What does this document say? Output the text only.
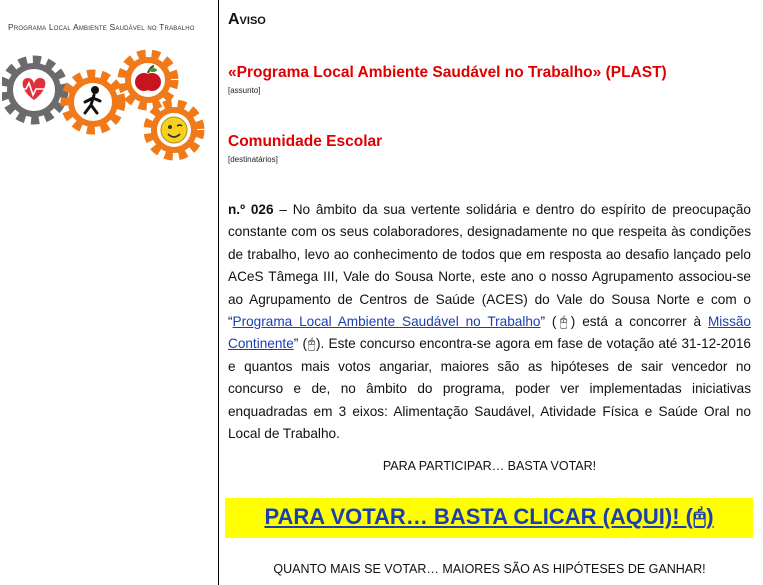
Programa Local Ambiente Saudável no Trabalho Aviso
«Programa Local Ambiente Saudável no Trabalho» (PLAST)
[assunto]
Comunidade Escolar
[destinatários]
n.º 026 – No âmbito da sua vertente solidária e dentro do espírito de preocupação constante com os seus colaboradores, designadamente no que respeita às condições de trabalho, levo ao conhecimento de todos que em resposta ao desafio lançado pelo ACeS Tâmega III, Vale do Sousa Norte, este ano o nosso Agrupamento associou-se ao Agrupamento de Centros de Saúde (ACES) do Vale do Sousa Norte e com o “Programa Local Ambiente Saudável no Trabalho” (🖰) está a concorrer à Missão Continente” (🖰). Este concurso encontra-se agora em fase de votação até 31-12-2016 e quantos mais votos angariar, maiores são as hipóteses de sair vencedor no concurso e de, no âmbito do programa, poder ver implementadas iniciativas enquadradas em 3 eixos: Alimentação Saudável, Atividade Física e Saúde Oral no Local de Trabalho.
PARA PARTICIPAR… BASTA VOTAR!
PARA VOTAR… BASTA CLICAR (AQUI)! (🖰)
QUANTO MAIS SE VOTAR… MAIORES SÃO AS HIPÓTESES DE GANHAR!
